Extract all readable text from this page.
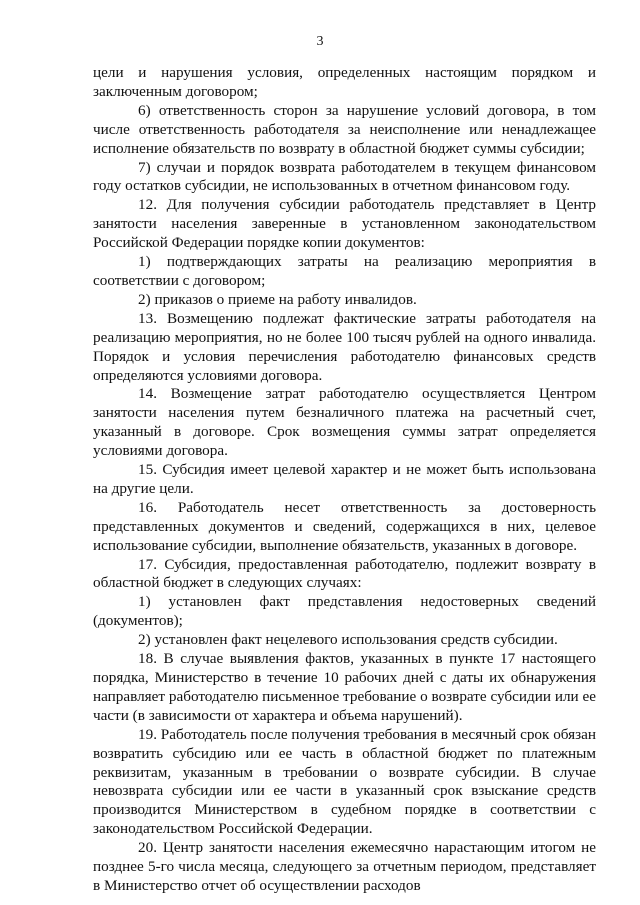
3

цели и нарушения условия, определенных настоящим порядком и заключенным договором;

6) ответственность сторон за нарушение условий договора, в том числе ответственность работодателя за неисполнение или ненадлежащее исполнение обязательств по возврату в областной бюджет суммы субсидии;

7) случаи и порядок возврата работодателем в текущем финансовом году остатков субсидии, не использованных в отчетном финансовом году.

12. Для получения субсидии работодатель представляет в Центр занятости населения заверенные в установленном законодательством Российской Федерации порядке копии документов:

1) подтверждающих затраты на реализацию мероприятия в соответствии с договором;

2) приказов о приеме на работу инвалидов.

13. Возмещению подлежат фактические затраты работодателя на реализацию мероприятия, но не более 100 тысяч рублей на одного инвалида. Порядок и условия перечисления работодателю финансовых средств определяются условиями договора.

14. Возмещение затрат работодателю осуществляется Центром занятости населения путем безналичного платежа на расчетный счет, указанный в договоре. Срок возмещения суммы затрат определяется условиями договора.

15. Субсидия имеет целевой характер и не может быть использована на другие цели.

16. Работодатель несет ответственность за достоверность представленных документов и сведений, содержащихся в них, целевое использование субсидии, выполнение обязательств, указанных в договоре.

17. Субсидия, предоставленная работодателю, подлежит возврату в областной бюджет в следующих случаях:

1) установлен факт представления недостоверных сведений (документов);

2) установлен факт нецелевого использования средств субсидии.

18. В случае выявления фактов, указанных в пункте 17 настоящего порядка, Министерство в течение 10 рабочих дней с даты их обнаружения направляет работодателю письменное требование о возврате субсидии или ее части (в зависимости от характера и объема нарушений).

19. Работодатель после получения требования в месячный срок обязан возвратить субсидию или ее часть в областной бюджет по платежным реквизитам, указанным в требовании о возврате субсидии. В случае невозврата субсидии или ее части в указанный срок взыскание средств производится Министерством в судебном порядке в соответствии с законодательством Российской Федерации.

20. Центр занятости населения ежемесячно нарастающим итогом не позднее 5-го числа месяца, следующего за отчетным периодом, представляет в Министерство отчет об осуществлении расходов
